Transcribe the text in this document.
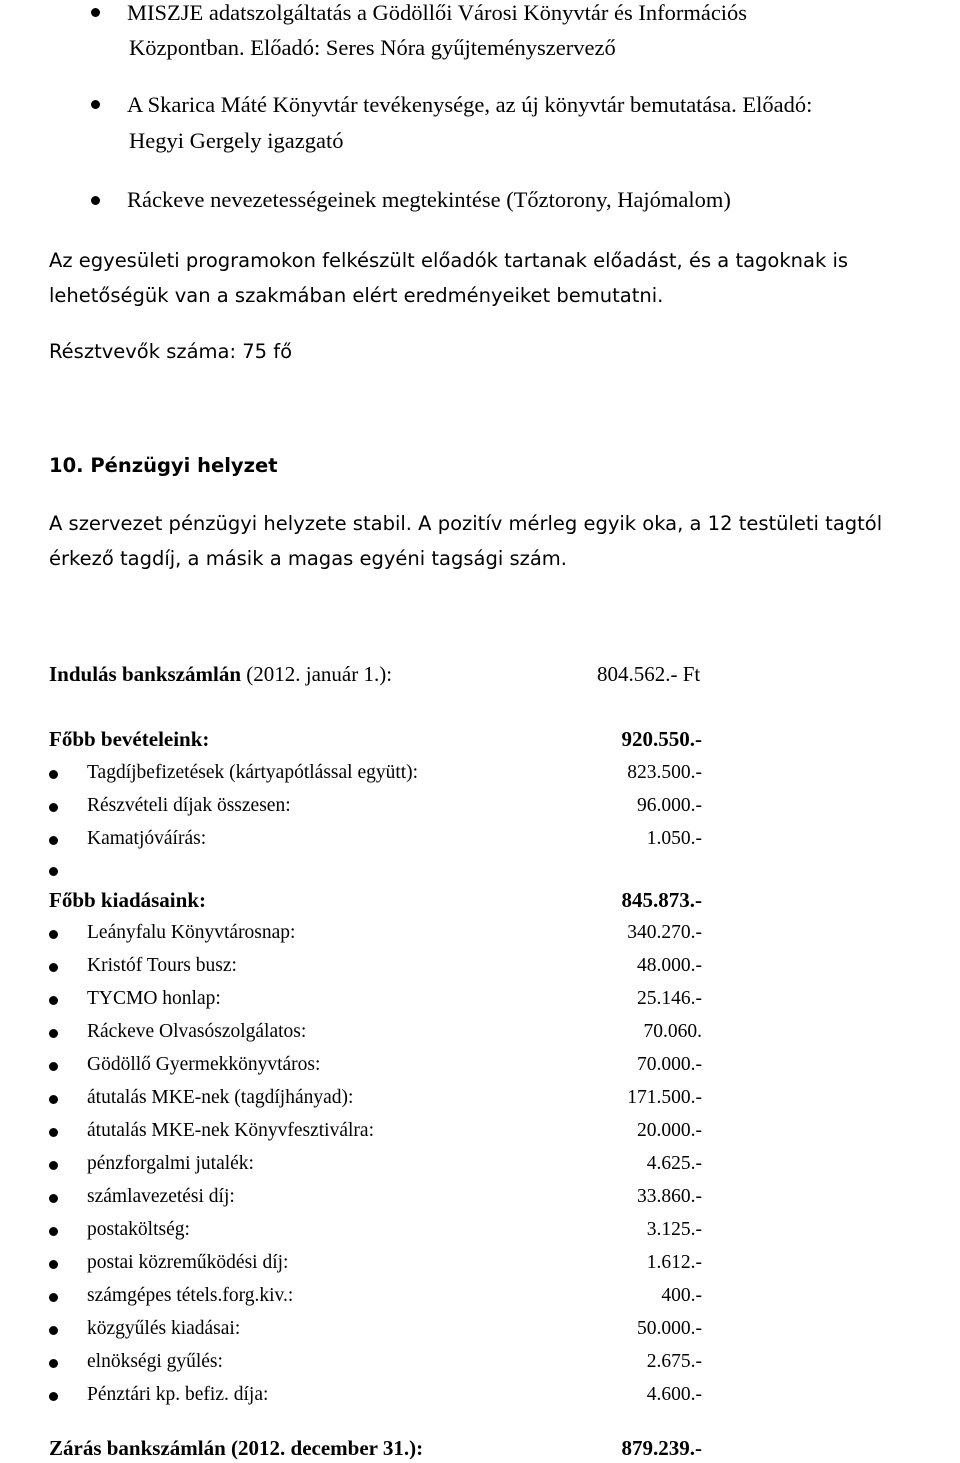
MISZJE adatszolgáltatás a Gödöllői Városi Könyvtár és Információs
Központban. Előadó: Seres Nóra gyűjteményszervező
A Skarica Máté Könyvtár tevékenysége, az új könyvtár bemutatása. Előadó:
Hegyi Gergely igazgató
Ráckeve nevezetességeinek megtekintése (Tőztorony, Hajómalom)
Az egyesületi programokon felkészült előadók tartanak előadást, és a tagoknak is
lehetőségük van a szakmában elért eredményeiket bemutatni.
Résztvevők száma: 75 fő
10. Pénzügyi helyzet
A szervezet pénzügyi helyzete stabil. A pozitív mérleg egyik oka, a 12 testületi tagtól
érkező tagdíj, a másik a magas egyéni tagsági szám.
Indulás bankszámlán (2012. január 1.):	804.562.- Ft
Főbb bevételeink:	920.550.-
Tagdíjbefizetések (kártyapótlással együtt):	823.500.-
Részvételi díjak összesen:	96.000.-
Kamatjóváírás:	1.050.-
Főbb kiadásaink:	845.873.-
Leányfalu Könyvtárosnap:	340.270.-
Kristóf Tours busz:	48.000.-
TYCMO honlap:	25.146.-
Ráckeve Olvasószolgálatos:	70.060.
Gödöllő Gyermekkönyvtáros:	70.000.-
átutalás MKE-nek (tagdíjhányad):	171.500.-
átutalás MKE-nek Könyvfesztiválra:	20.000.-
pénzforgalmi jutalék:	4.625.-
számlavezetési díj:	33.860.-
postaköltség:	3.125.-
postai közreműködési díj:	1.612.-
számgépes tétels.forg.kiv.:	400.-
közgyűlés kiadásai:	50.000.-
elnökségi gyűlés:	2.675.-
Pénztári kp. befiz. díja:	4.600.-
Zárás bankszámlán (2012. december 31.):	879.239.-
